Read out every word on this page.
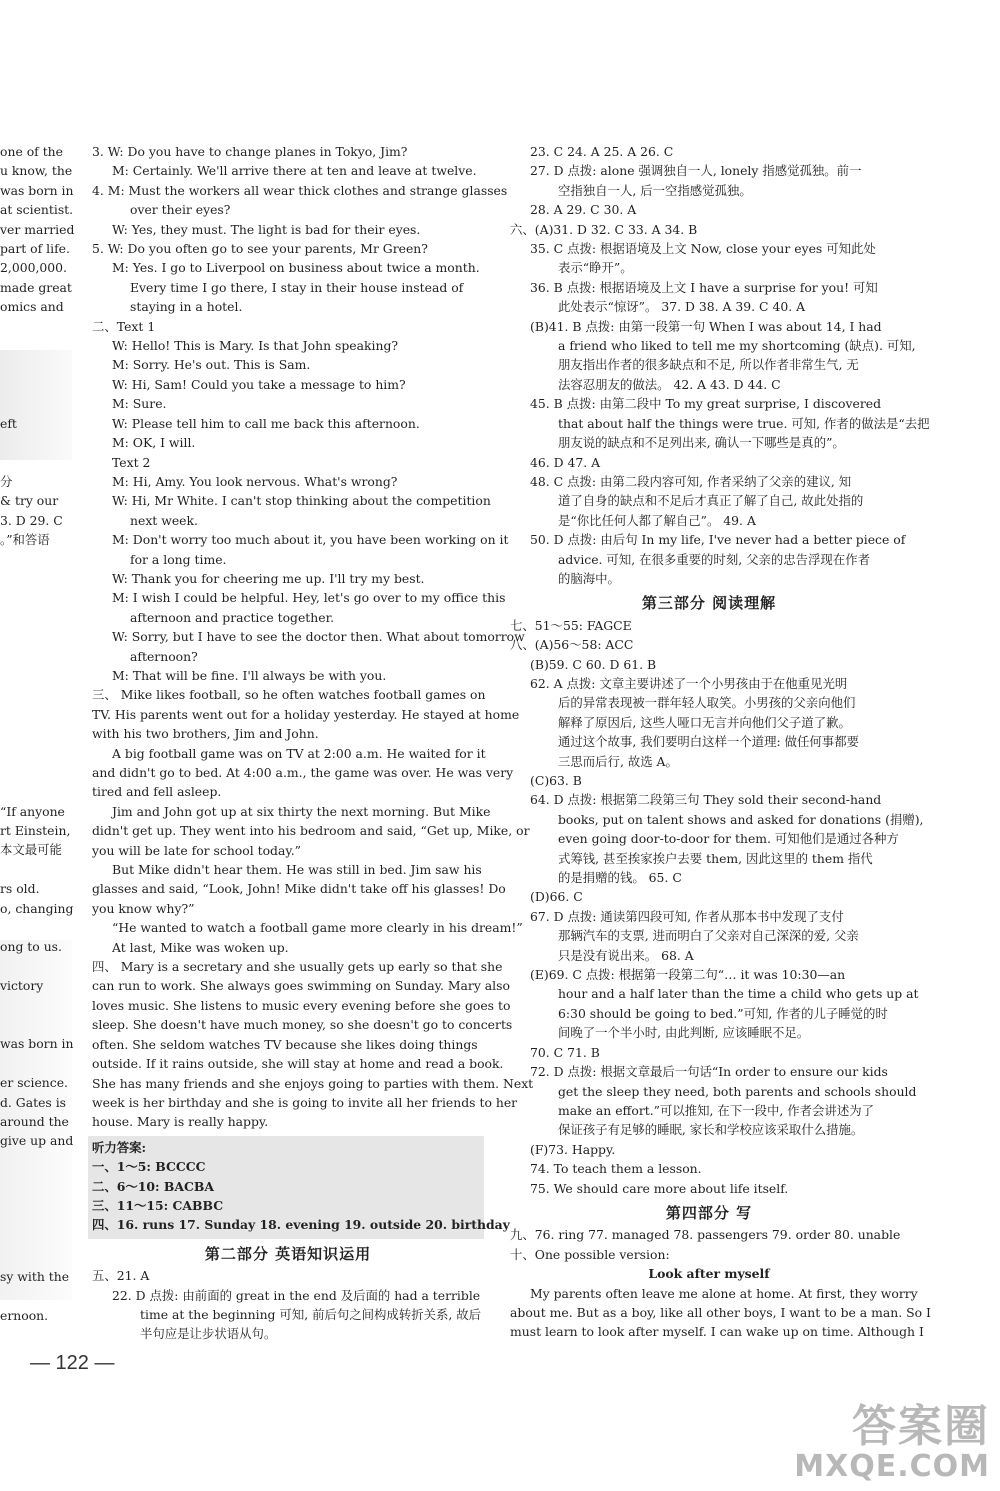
one of the

u know, the

was born in

at scientist.

ver married

part of life.

2,000,000.

made great

omics and

eft

分

& try our

3. D 29. C

。”和答语

“If anyone

rt Einstein,

本文最可能

rs old.

o, changing

ong to us.

victory

was born in

er science.

d. Gates is

around the

give up and

sy with the

ernoon.

3. W: Do you have to change planes in Tokyo, Jim?

M: Certainly. We'll arrive there at ten and leave at twelve.

4. M: Must the workers all wear thick clothes and strange glasses

over their eyes?

W: Yes, they must. The light is bad for their eyes.

5. W: Do you often go to see your parents, Mr Green?

M: Yes. I go to Liverpool on business about twice a month.

Every time I go there, I stay in their house instead of

staying in a hotel.

二、Text 1

W: Hello! This is Mary. Is that John speaking?

M: Sorry. He's out. This is Sam.

W: Hi, Sam! Could you take a message to him?

M: Sure.

W: Please tell him to call me back this afternoon.

M: OK, I will.

Text 2

M: Hi, Amy. You look nervous. What's wrong?

W: Hi, Mr White. I can't stop thinking about the competition

next week.

M: Don't worry too much about it, you have been working on it

for a long time.

W: Thank you for cheering me up. I'll try my best.

M: I wish I could be helpful. Hey, let's go over to my office this

afternoon and practice together.

W: Sorry, but I have to see the doctor then. What about tomorrow

afternoon?

M: That will be fine. I'll always be with you.

三、 Mike likes football, so he often watches football games on

TV. His parents went out for a holiday yesterday. He stayed at home

with his two brothers, Jim and John.

A big football game was on TV at 2:00 a.m. He waited for it

and didn't go to bed. At 4:00 a.m., the game was over. He was very

tired and fell asleep.

Jim and John got up at six thirty the next morning. But Mike

didn't get up. They went into his bedroom and said, “Get up, Mike, or

you will be late for school today.”

But Mike didn't hear them. He was still in bed. Jim saw his

glasses and said, “Look, John! Mike didn't take off his glasses! Do

you know why?”

“He wanted to watch a football game more clearly in his dream!”

At last, Mike was woken up.

四、 Mary is a secretary and she usually gets up early so that she

can run to work. She always goes swimming on Sunday. Mary also

loves music. She listens to music every evening before she goes to

sleep. She doesn't have much money, so she doesn't go to concerts

often. She seldom watches TV because she likes doing things

outside. If it rains outside, she will stay at home and read a book.

She has many friends and she enjoys going to parties with them. Next

week is her birthday and she is going to invite all her friends to her

house. Mary is really happy.

听力答案:

一、1～5: BCCCC

二、6～10: BACBA

三、11～15: CABBC

四、16. runs 17. Sunday 18. evening 19. outside 20. birthday

第二部分 英语知识运用

五、21. A

22. D 点拨: 由前面的 great in the end 及后面的 had a terrible

time at the beginning 可知, 前后句之间构成转折关系, 故后

半句应是让步状语从句。

23. C 24. A 25. A 26. C

27. D 点拨: alone 强调独自一人, lonely 指感觉孤独。前一

空指独自一人, 后一空指感觉孤独。

28. A 29. C 30. A

六、(A)31. D 32. C 33. A 34. B

35. C 点拨: 根据语境及上文 Now, close your eyes 可知此处

表示“睁开”。

36. B 点拨: 根据语境及上文 I have a surprise for you! 可知

此处表示“惊讶”。 37. D 38. A 39. C 40. A

(B)41. B 点拨: 由第一段第一句 When I was about 14, I had

a friend who liked to tell me my shortcoming (缺点). 可知,

朋友指出作者的很多缺点和不足, 所以作者非常生气, 无

法容忍朋友的做法。 42. A 43. D 44. C

45. B 点拨: 由第二段中 To my great surprise, I discovered

that about half the things were true. 可知, 作者的做法是“去把

朋友说的缺点和不足列出来, 确认一下哪些是真的”。

46. D 47. A

48. C 点拨: 由第二段内容可知, 作者采纳了父亲的建议, 知

道了自身的缺点和不足后才真正了解了自己, 故此处指的

是“你比任何人都了解自己”。 49. A

50. D 点拨: 由后句 In my life, I've never had a better piece of

advice. 可知, 在很多重要的时刻, 父亲的忠告浮现在作者

的脑海中。

第三部分 阅读理解

七、51～55: FAGCE

八、(A)56～58: ACC

(B)59. C 60. D 61. B

62. A 点拨: 文章主要讲述了一个小男孩由于在他重见光明

后的异常表现被一群年轻人取笑。小男孩的父亲向他们

解释了原因后, 这些人哑口无言并向他们父子道了歉。

通过这个故事, 我们要明白这样一个道理: 做任何事都要

三思而后行, 故选 A。

(C)63. B

64. D 点拨: 根据第二段第三句 They sold their second-hand

books, put on talent shows and asked for donations (捐赠),

even going door-to-door for them. 可知他们是通过各种方

式筹钱, 甚至挨家挨户去要 them, 因此这里的 them 指代

的是捐赠的钱。 65. C

(D)66. C

67. D 点拨: 通读第四段可知, 作者从那本书中发现了支付

那辆汽车的支票, 进而明白了父亲对自己深深的爱, 父亲

只是没有说出来。 68. A

(E)69. C 点拨: 根据第一段第二句“… it was 10:30—an

hour and a half later than the time a child who gets up at

6:30 should be going to bed.”可知, 作者的儿子睡觉的时

间晚了一个半小时, 由此判断, 应该睡眠不足。

70. C 71. B

72. D 点拨: 根据文章最后一句话“In order to ensure our kids

get the sleep they need, both parents and schools should

make an effort.”可以推知, 在下一段中, 作者会讲述为了

保证孩子有足够的睡眠, 家长和学校应该采取什么措施。

(F)73. Happy.

74. To teach them a lesson.

75. We should care more about life itself.

第四部分 写

九、76. ring 77. managed 78. passengers 79. order 80. unable

十、One possible version:

Look after myself

My parents often leave me alone at home. At first, they worry

about me. But as a boy, like all other boys, I want to be a man. So I

must learn to look after myself. I can wake up on time. Although I

— 122 —
答案圈
MXQE.COM
